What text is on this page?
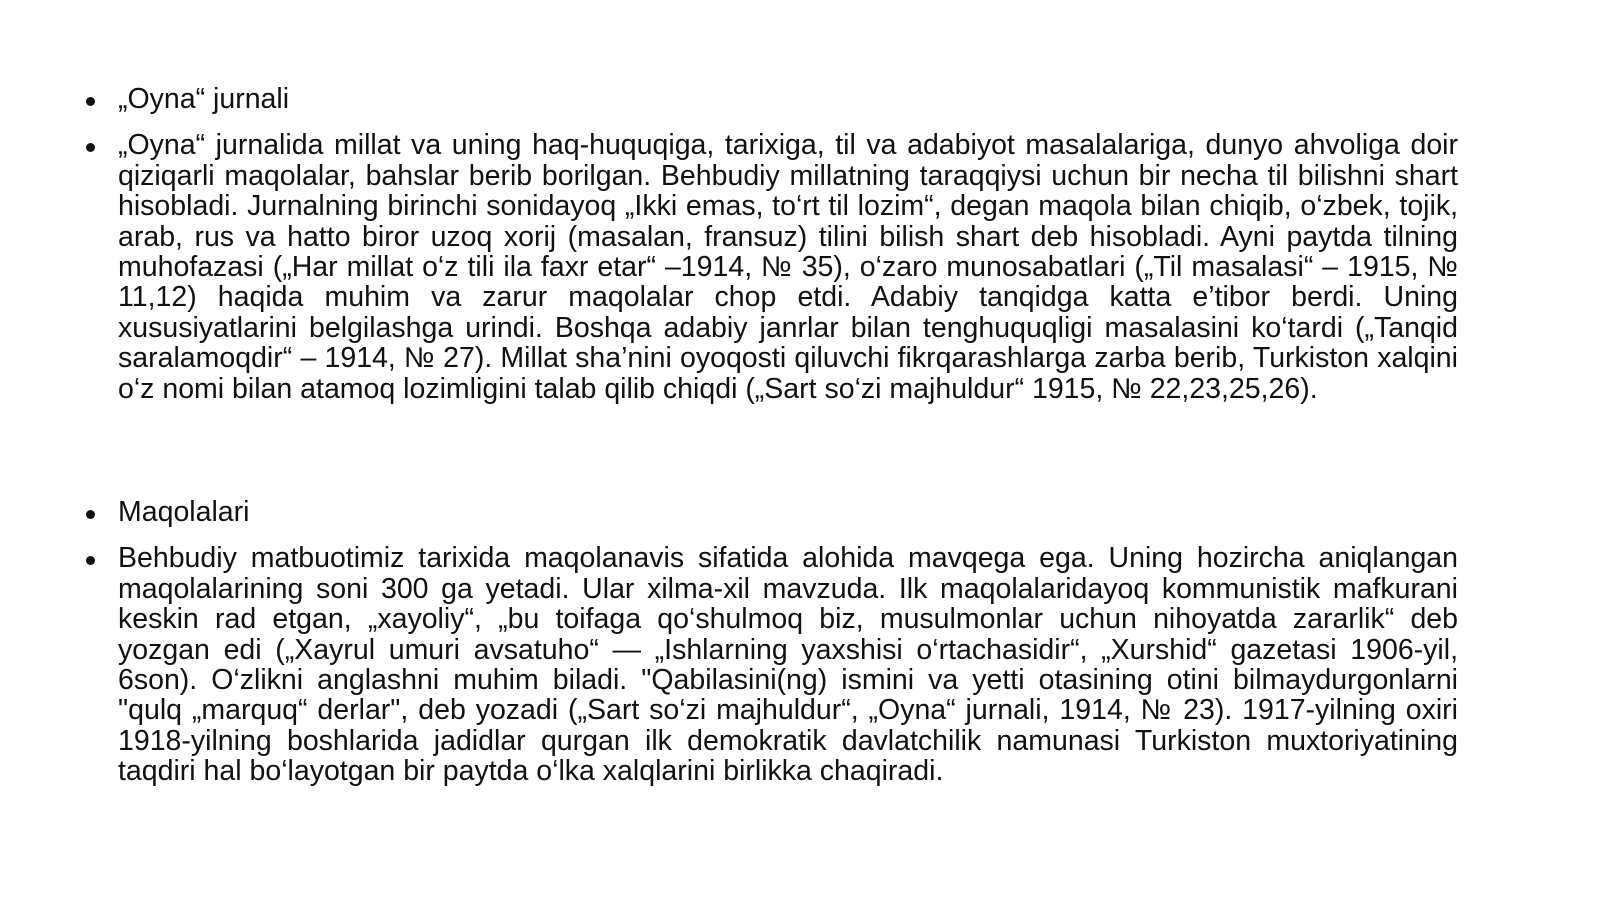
„Oyna“ jurnali
„Oyna“ jurnalida millat va uning haq-huquqiga, tarixiga, til va adabiyot masalalariga, dunyo ahvoliga doir qiziqarli maqolalar, bahslar berib borilgan. Behbudiy millatning taraqqiysi uchun bir necha til bilishni shart hisobladi. Jurnalning birinchi sonidayoq „Ikki emas, to‘rt til lozim“, degan maqola bilan chiqib, o‘zbek, tojik, arab, rus va hatto biror uzoq xorij (masalan, fransuz) tilini bilish shart deb hisobladi. Ayni paytda tilning muhofazasi („Har millat o‘z tili ila faxr etar“ –1914, № 35), o‘zaro munosabatlari („Til masalasi“ – 1915, № 11,12) haqida muhim va zarur maqolalar chop etdi. Adabiy tanqidga katta e’tibor berdi. Uning xususiyatlarini belgilashga urindi. Boshqa adabiy janrlar bilan tenghuquqligi masalasini ko‘tardi („Tanqid saralamoqdir“ – 1914, № 27). Millat sha’nini oyoqosti qiluvchi fikrqarashlarga zarba berib, Turkiston xalqini o‘z nomi bilan atamoq lozimligini talab qilib chiqdi („Sart so‘zi majhuldur“ 1915, № 22,23,25,26).
Maqolalari
Behbudiy matbuotimiz tarixida maqolanavis sifatida alohida mavqega ega. Uning hozircha aniqlangan maqolalarining soni 300 ga yetadi. Ular xilma-xil mavzuda. Ilk maqolalaridayoq kommunistik mafkurani keskin rad etgan, „xayoliy“, „bu toifaga qo‘shulmoq biz, musulmonlar uchun nihoyatda zararlik“ deb yozgan edi („Xayrul umuri avsatuho“ — „Ishlarning yaxshisi o‘rtachasidir“, „Xurshid“ gazetasi 1906-yil, 6son). O‘zlikni anglashni muhim biladi. "Qabilasini(ng) ismini va yetti otasining otini bilmaydurgonlarni "qulq „marquq“ derlar", deb yozadi („Sart so‘zi majhuldur“, „Oyna“ jurnali, 1914, № 23). 1917-yilning oxiri 1918-yilning boshlarida jadidlar qurgan ilk demokratik davlatchilik namunasi Turkiston muxtoriyatining taqdiri hal bo‘layotgan bir paytda o‘lka xalqlarini birlikka chaqiradi.
